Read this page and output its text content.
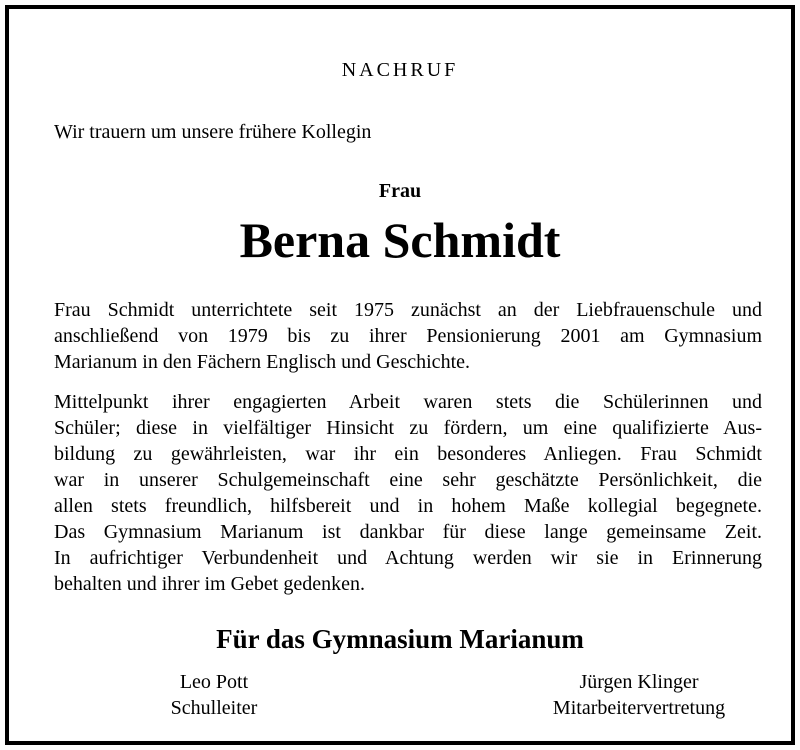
NACHRUF
Wir trauern um unsere frühere Kollegin
Frau
Berna Schmidt
Frau Schmidt unterrichtete seit 1975 zunächst an der Liebfrauenschule und
anschließend von 1979 bis zu ihrer Pensionierung 2001 am Gymnasium
Marianum in den Fächern Englisch und Geschichte.
Mittelpunkt ihrer engagierten Arbeit waren stets die Schülerinnen und
Schüler; diese in vielfältiger Hinsicht zu fördern, um eine qualifizierte Aus-
bildung zu gewährleisten, war ihr ein besonderes Anliegen. Frau Schmidt
war in unserer Schulgemeinschaft eine sehr geschätzte Persönlichkeit, die
allen stets freundlich, hilfsbereit und in hohem Maße kollegial begegnete.
Das Gymnasium Marianum ist dankbar für diese lange gemeinsame Zeit.
In aufrichtiger Verbundenheit und Achtung werden wir sie in Erinnerung
behalten und ihrer im Gebet gedenken.
Für das Gymnasium Marianum
Leo Pott
Schulleiter
Jürgen Klinger
Mitarbeitervertretung
